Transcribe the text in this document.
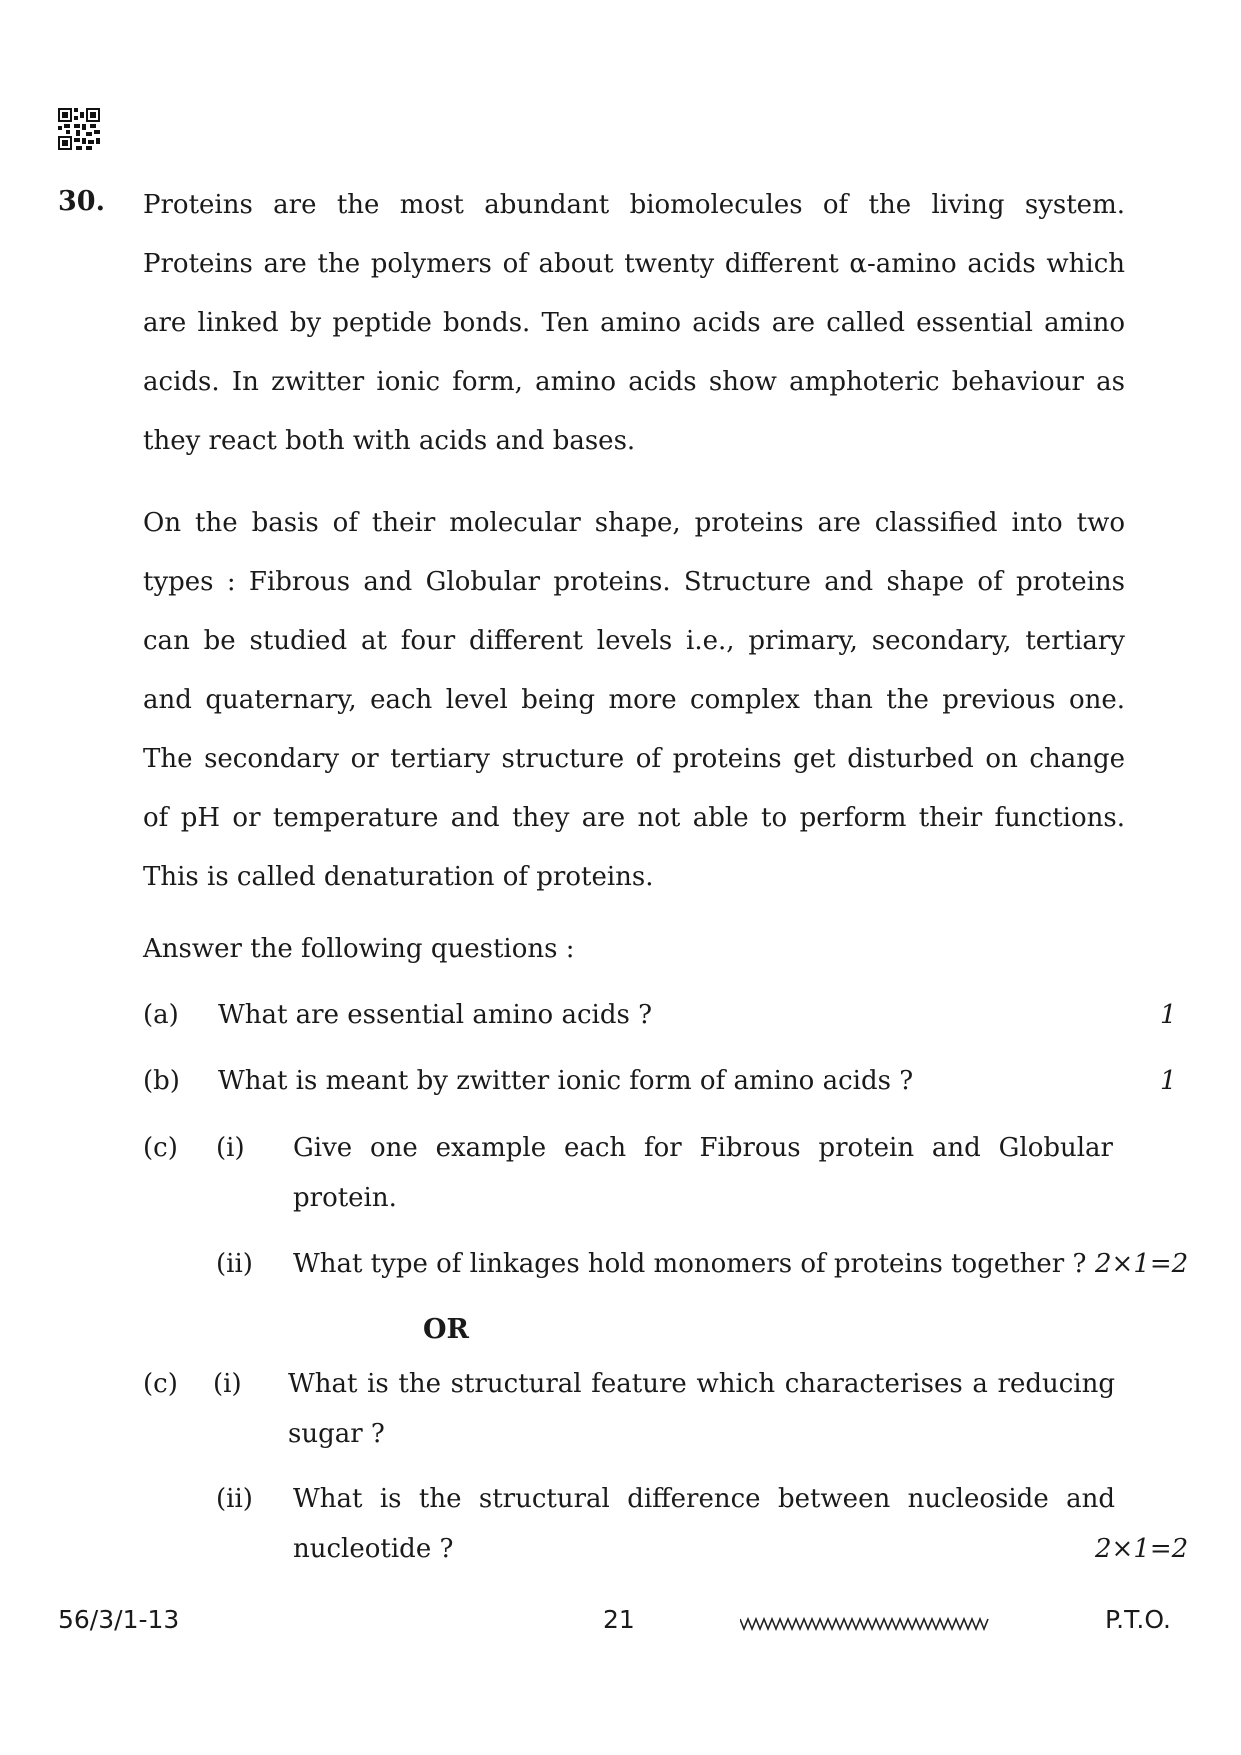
30. Proteins are the most abundant biomolecules of the living system. Proteins are the polymers of about twenty different α-amino acids which are linked by peptide bonds. Ten amino acids are called essential amino acids. In zwitter ionic form, amino acids show amphoteric behaviour as they react both with acids and bases.
On the basis of their molecular shape, proteins are classified into two types : Fibrous and Globular proteins. Structure and shape of proteins can be studied at four different levels i.e., primary, secondary, tertiary and quaternary, each level being more complex than the previous one. The secondary or tertiary structure of proteins get disturbed on change of pH or temperature and they are not able to perform their functions. This is called denaturation of proteins.
Answer the following questions :
(a) What are essential amino acids ?	1
(b) What is meant by zwitter ionic form of amino acids ?	1
(c) (i) Give one example each for Fibrous protein and Globular protein.
(ii) What type of linkages hold monomers of proteins together ? 2×1=2
OR
(c) (i) What is the structural feature which characterises a reducing sugar ?
(ii) What is the structural difference between nucleoside and nucleotide ?	2×1=2
56/3/1-13	21	P.T.O.
